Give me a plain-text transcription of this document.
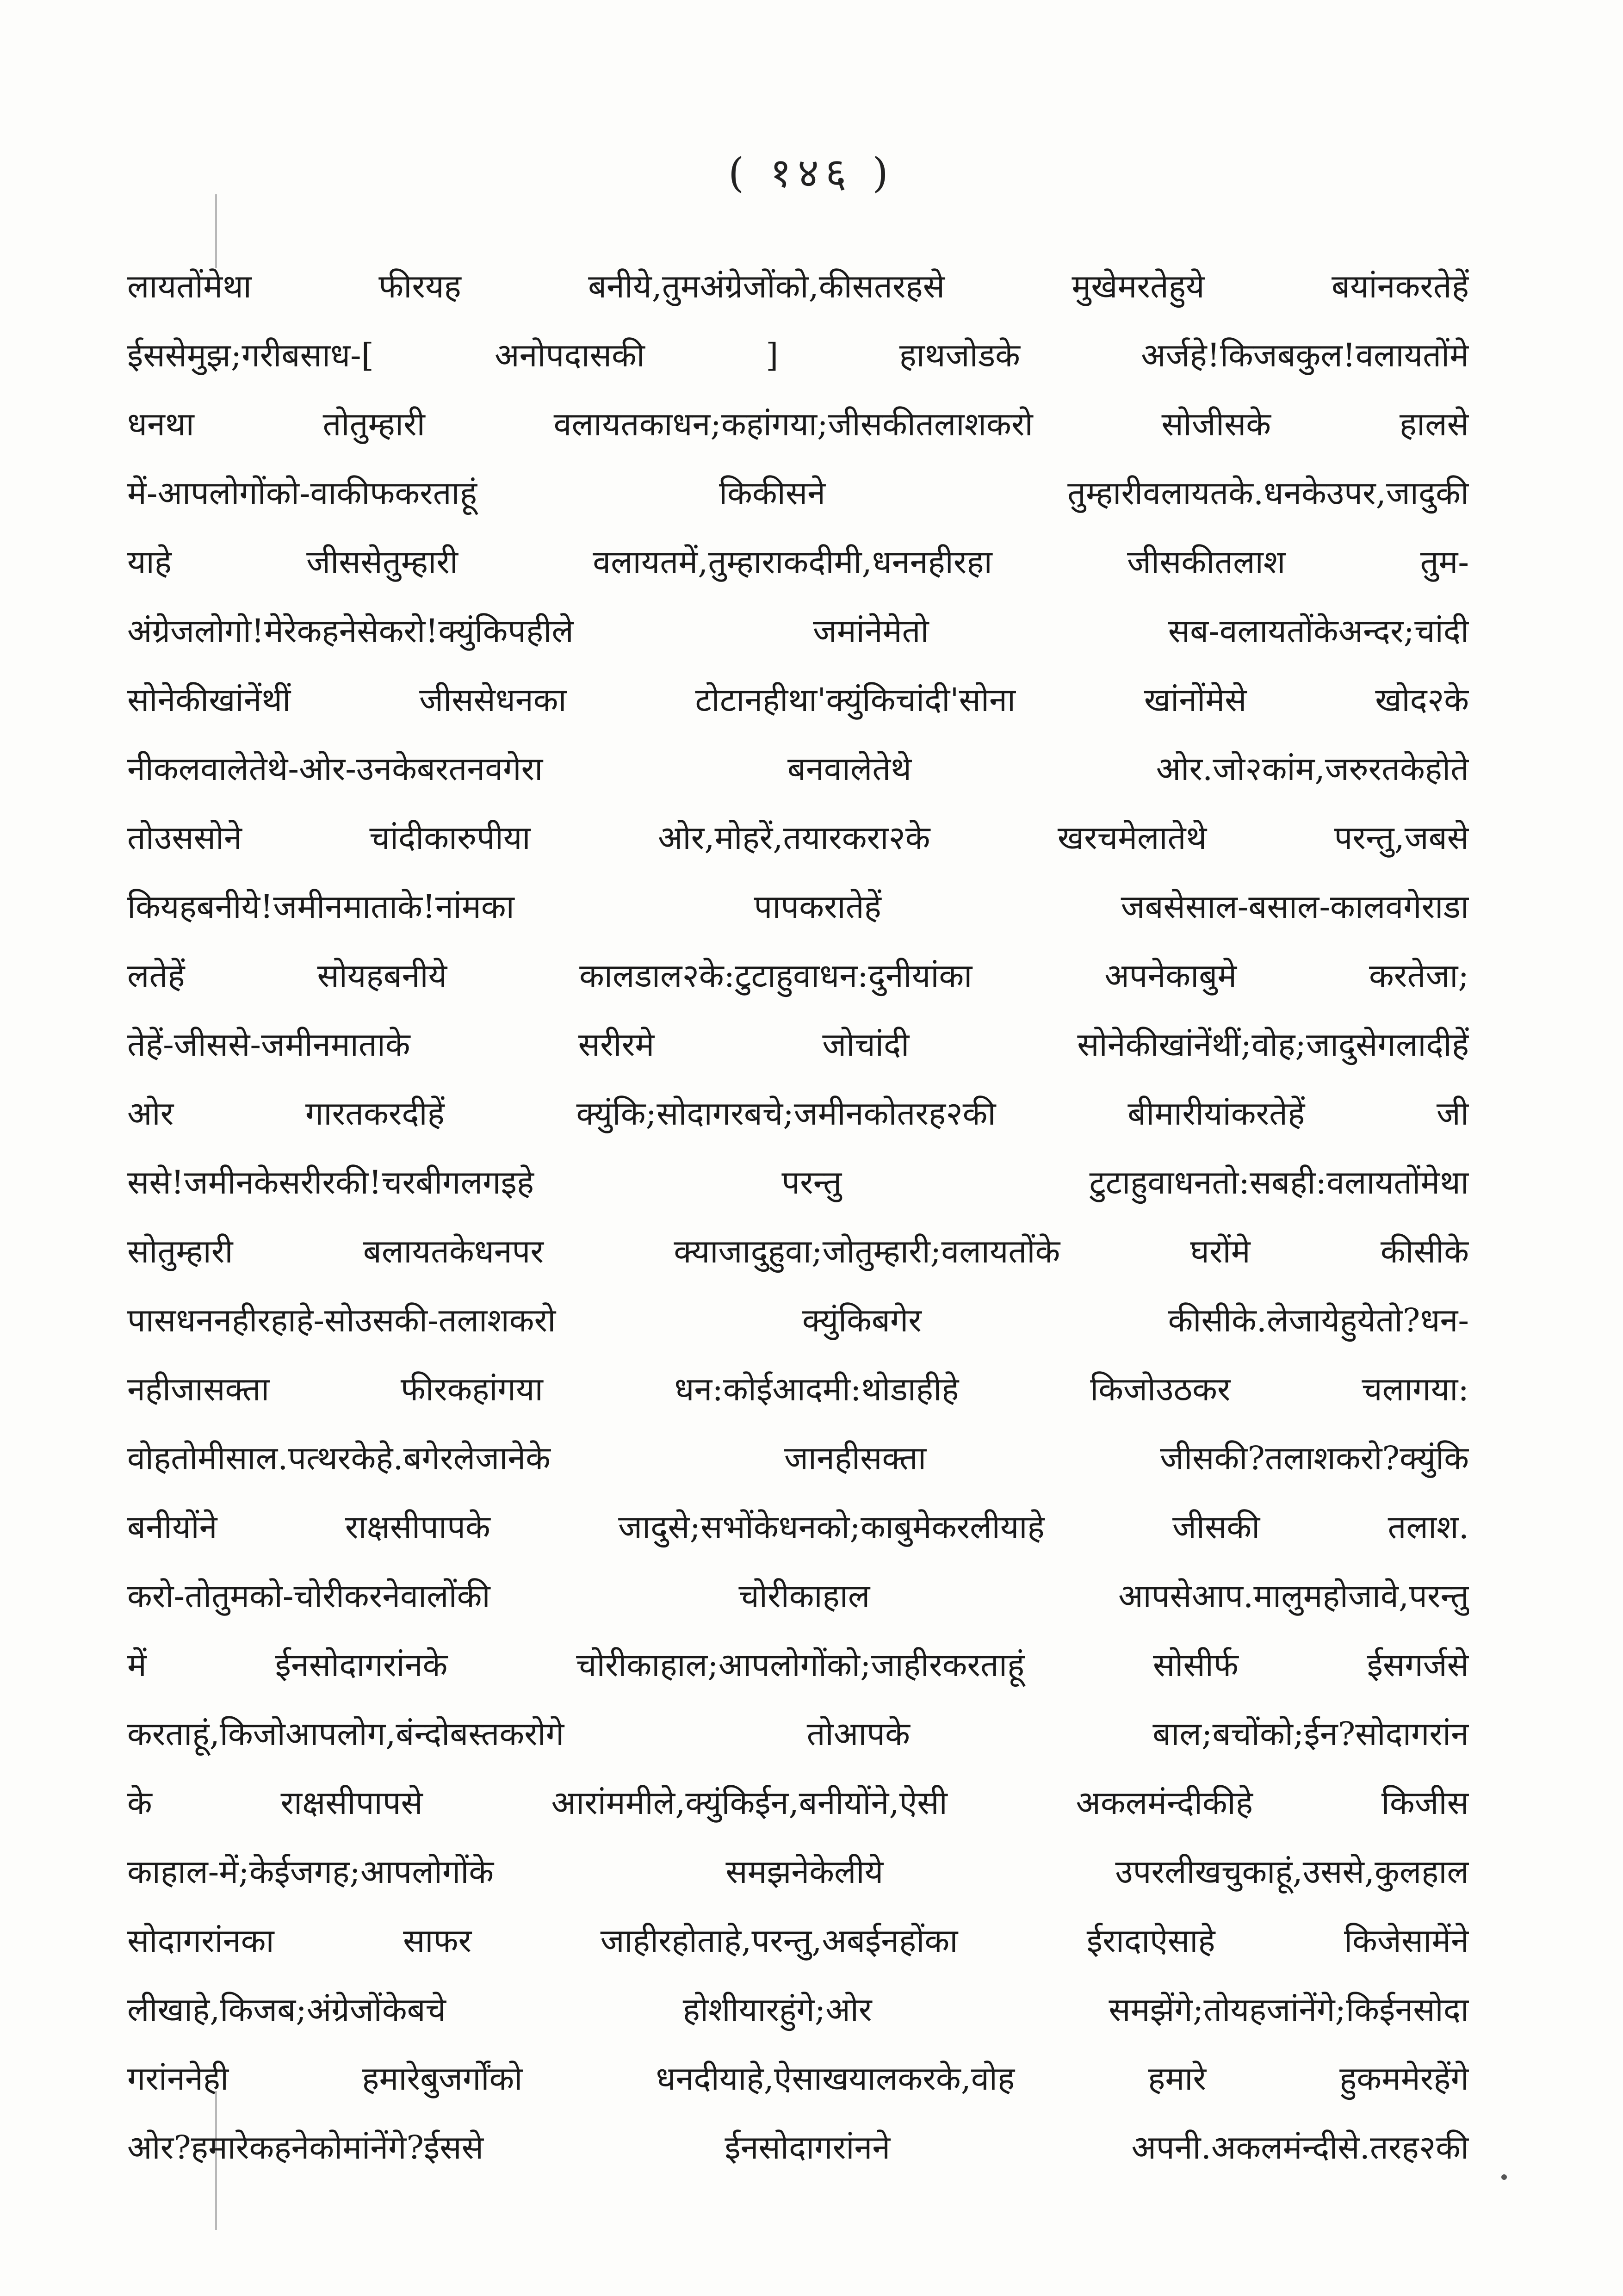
( १४६ )
लायतोंमेथा फीरयह बनीये,तुमअंग्रेजोंको,कीसतरहसे मुखेमरतेहुये बयांनकरतेहें
ईससेमुझ;गरीबसाध-[ अनोपदासकी ] हाथजोडके अर्जहे!किजबकुल!वलायतोंमे
धनथा तोतुम्हारी वलायतकाधन;कहांगया;जीसकीतलाशकरो सोजीसके हालसे
में-आपलोगोंको-वाकीफकरताहूं किकीसने तुम्हारीवलायतके.धनकेउपर,जादुकी
याहे जीससेतुम्हारी वलायतमें,तुम्हाराकदीमी,धननहीरहा जीसकीतलाश तुम-
अंग्रेजलोगो!मेरेकहनेसेकरो!क्युंकिपहीले जमांनेमेतो सब-वलायतोंकेअन्दर;चांदी
सोनेकीखांनेंथीं जीससेधनका टोटानहीथा'क्युंकिचांदी'सोना खांनोंमेसे खोद२के
नीकलवालेतेथे-ओर-उनकेबरतनवगेरा बनवालेतेथे ओर.जो२कांम,जरुरतकेहोते
तोउससोने चांदीकारुपीया ओर,मोहरें,तयारकरा२के खरचमेलातेथे परन्तु,जबसे
कियहबनीये!जमीनमाताके!नांमका पापकरातेहें जबसेसाल-बसाल-कालवगेराडा
लतेहें सोयहबनीये कालडाल२के:टुटाहुवाधन:दुनीयांका अपनेकाबुमे करतेजा;
तेहें-जीससे-जमीनमाताके सरीरमे जोचांदी सोनेकीखांनेंथीं;वोह;जादुसेगलादीहें
ओर गारतकरदीहें क्युंकि;सोदागरबचे;जमीनकोतरह२की बीमारीयांकरतेहें जी
ससे!जमीनकेसरीरकी!चरबीगलगइहे परन्तु टुटाहुवाधनतो:सबही:वलायतोंमेथा
सोतुम्हारी बलायतकेधनपर क्याजादुहुवा;जोतुम्हारी;वलायतोंके घरोंमे कीसीके
पासधननहीरहाहे-सोउसकी-तलाशकरो क्युंकिबगेर कीसीके.लेजायेहुयेतो?धन-
नहीजासक्ता फीरकहांगया धन:कोईआदमी:थोडाहीहे किजोउठकर चलागया:
वोहतोमीसाल.पत्थरकेहे.बगेरलेजानेके जानहीसक्ता जीसकी?तलाशकरो?क्युंकि
बनीयोंने राक्षसीपापके जादुसे;सभोंकेधनको;काबुमेकरलीयाहे जीसकी तलाश.
करो-तोतुमको-चोरीकरनेवालोंकी चोरीकाहाल आपसेआप.मालुमहोजावे,परन्तु
में ईनसोदागरांनके चोरीकाहाल;आपलोगोंको;जाहीरकरताहूं सोसीर्फ ईसगर्जसे
करताहूं,किजोआपलोग,बंन्दोबस्तकरोगे तोआपके बाल;बचोंको;ईन?सोदागरांन
के राक्षसीपापसे आरांममीले,क्युंकिईन,बनीयोंने,ऐसी अकलमंन्दीकीहे किजीस
काहाल-में;केईजगह;आपलोगोंके समझनेकेलीये उपरलीखचुकाहूं,उससे,कुलहाल
सोदागरांनका साफर जाहीरहोताहे,परन्तु,अबईनहोंका ईरादाऐसाहे किजेसामेंने
लीखाहे,किजब;अंग्रेजोंकेबचे होशीयारहुंगे;ओर समझेंगे;तोयहजांनेंगे;किईनसोदा
गरांननेही हमारेबुजर्गोंको धनदीयाहे,ऐसाखयालकरके,वोह हमारे हुकममेरहेंगे
ओर?हमारेकहनेकोमांनेंगे?ईससे ईनसोदागरांनने अपनी.अकलमंन्दीसे.तरह२की
